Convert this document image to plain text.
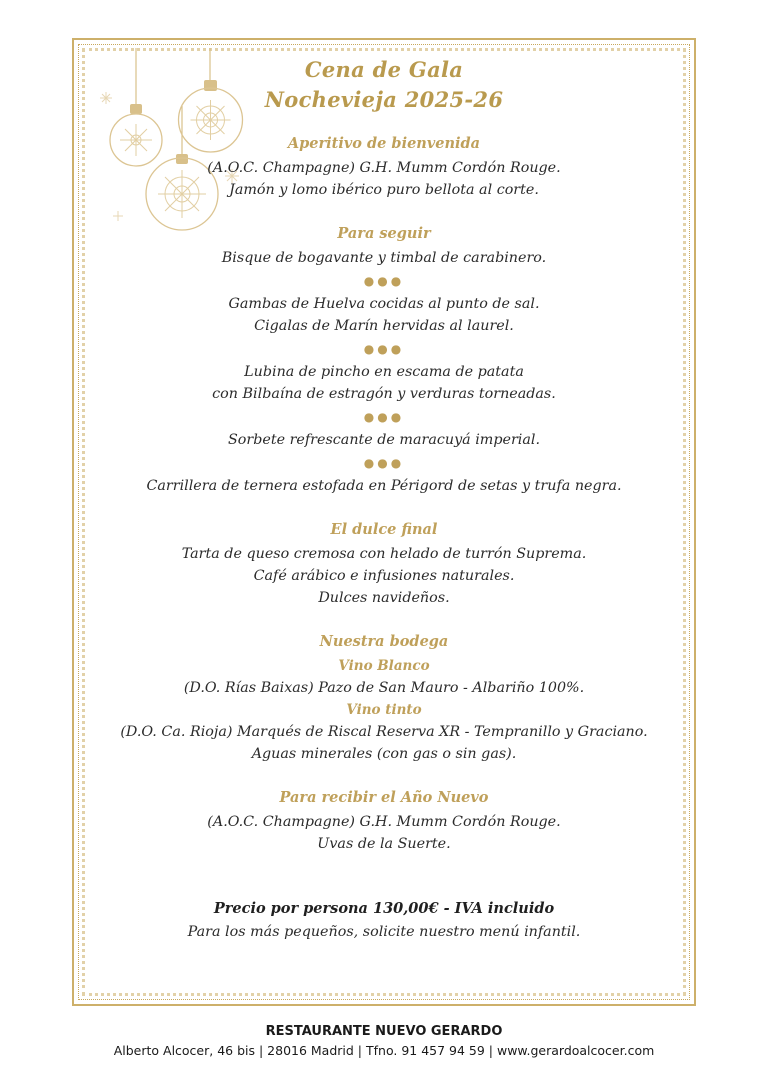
Cena de Gala
Nochevieja 2025-26

Aperitivo de bienvenida

(A.O.C. Champagne) G.H. Mumm Cordón Rouge.

Jamón y lomo ibérico puro bellota al corte.

Para seguir

Bisque de bogavante y timbal de carabinero.

●●●

Gambas de Huelva cocidas al punto de sal.

Cigalas de Marín hervidas al laurel.

●●●

Lubina de pincho en escama de patata

con Bilbaína de estragón y verduras torneadas.

●●●

Sorbete refrescante de maracuyá imperial.

●●●

Carrillera de ternera estofada en Périgord de setas y trufa negra.

El dulce final

Tarta de queso cremosa con helado de turrón Suprema.

Café arábico e infusiones naturales.

Dulces navideños.

Nuestra bodega

Vino Blanco

(D.O. Rías Baixas) Pazo de San Mauro - Albariño 100%.

Vino tinto

(D.O. Ca. Rioja) Marqués de Riscal Reserva XR - Tempranillo y Graciano.

Aguas minerales (con gas o sin gas).

Para recibir el Año Nuevo

(A.O.C. Champagne) G.H. Mumm Cordón Rouge.

Uvas de la Suerte.

Precio por persona 130,00€ - IVA incluido

Para los más pequeños, solicite nuestro menú infantil.

RESTAURANTE NUEVO GERARDO

Alberto Alcocer, 46 bis | 28016 Madrid | Tfno. 91 457 94 59 | www.gerardoalcocer.com
